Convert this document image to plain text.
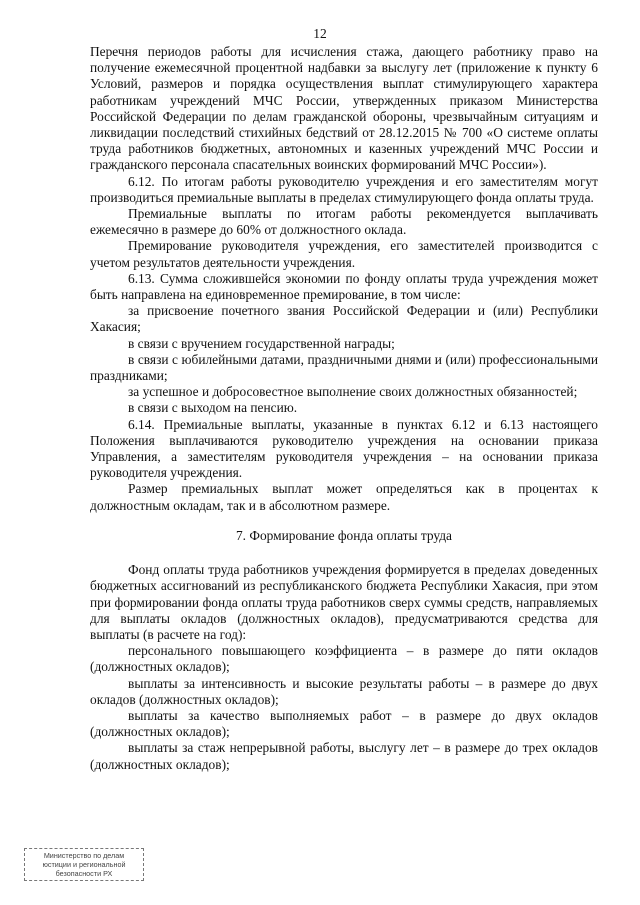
12

Перечня периодов работы для исчисления стажа, дающего работнику право на получение ежемесячной процентной надбавки за выслугу лет (приложение к пункту 6 Условий, размеров и порядка осуществления выплат стимулирующего характера работникам учреждений МЧС России, утвержденных приказом Министерства Российской Федерации по делам гражданской обороны, чрезвычайным ситуациям и ликвидации последствий стихийных бедствий от 28.12.2015 № 700 «О системе оплаты труда работников бюджетных, автономных и казенных учреждений МЧС России и гражданского персонала спасательных воинских формирований МЧС России»).

6.12. По итогам работы руководителю учреждения и его заместителям могут производиться премиальные выплаты в пределах стимулирующего фонда оплаты труда.

Премиальные выплаты по итогам работы рекомендуется выплачивать ежемесячно в размере до 60% от должностного оклада.

Премирование руководителя учреждения, его заместителей производится с учетом результатов деятельности учреждения.

6.13. Сумма сложившейся экономии по фонду оплаты труда учреждения может быть направлена на единовременное премирование, в том числе:

за присвоение почетного звания Российской Федерации и (или) Республики Хакасия;

в связи с вручением государственной награды;

в связи с юбилейными датами, праздничными днями и (или) профессиональными праздниками;

за успешное и добросовестное выполнение своих должностных обязанностей;

в связи с выходом на пенсию.

6.14. Премиальные выплаты, указанные в пунктах 6.12 и 6.13 настоящего Положения выплачиваются руководителю учреждения на основании приказа Управления, а заместителям руководителя учреждения – на основании приказа руководителя учреждения.

Размер премиальных выплат может определяться как в процентах к должностным окладам, так и в абсолютном размере.

7. Формирование фонда оплаты труда

Фонд оплаты труда работников учреждения формируется в пределах доведенных бюджетных ассигнований из республиканского бюджета Республики Хакасия, при этом при формировании фонда оплаты труда работников сверх суммы средств, направляемых для выплаты окладов (должностных окладов), предусматриваются средства для выплаты (в расчете на год):

персонального повышающего коэффициента – в размере до пяти окладов (должностных окладов);

выплаты за интенсивность и высокие результаты работы – в размере до двух окладов (должностных окладов);

выплаты за качество выполняемых работ – в размере до двух окладов (должностных окладов);

выплаты за стаж непрерывной работы, выслугу лет – в размере до трех окладов (должностных окладов);

Министерство по делам
юстиции и региональной
безопасности РХ
